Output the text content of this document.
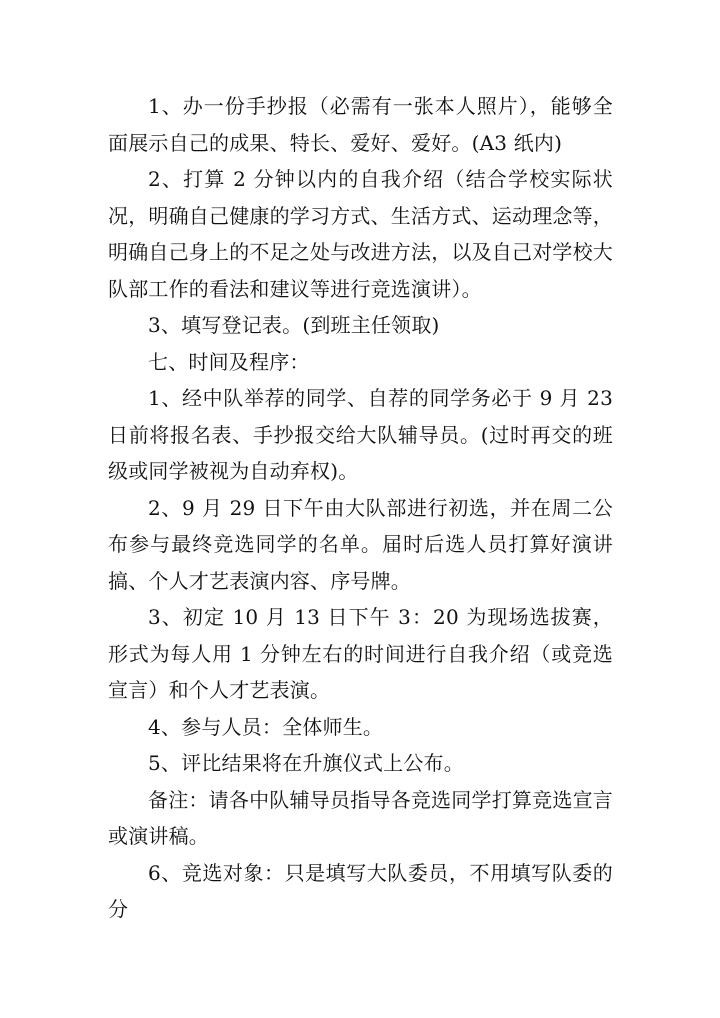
1、办一份手抄报（必需有一张本人照片），能够全面展示自己的成果、特长、爱好、爱好。(A3 纸内)

2、打算 2 分钟以内的自我介绍（结合学校实际状况，明确自己健康的学习方式、生活方式、运动理念等，明确自己身上的不足之处与改进方法，以及自己对学校大队部工作的看法和建议等进行竞选演讲）。

3、填写登记表。(到班主任领取)

七、时间及程序：

1、经中队举荐的同学、自荐的同学务必于 9 月 23 日前将报名表、手抄报交给大队辅导员。(过时再交的班级或同学被视为自动弃权)。

2、9 月 29 日下午由大队部进行初选，并在周二公布参与最终竞选同学的名单。届时后选人员打算好演讲搞、个人才艺表演内容、序号牌。

3、初定 10 月 13 日下午 3：20 为现场选拔赛，形式为每人用 1 分钟左右的时间进行自我介绍（或竞选宣言）和个人才艺表演。

4、参与人员：全体师生。

5、评比结果将在升旗仪式上公布。

备注：请各中队辅导员指导各竞选同学打算竞选宣言或演讲稿。

6、竞选对象：只是填写大队委员，不用填写队委的分
